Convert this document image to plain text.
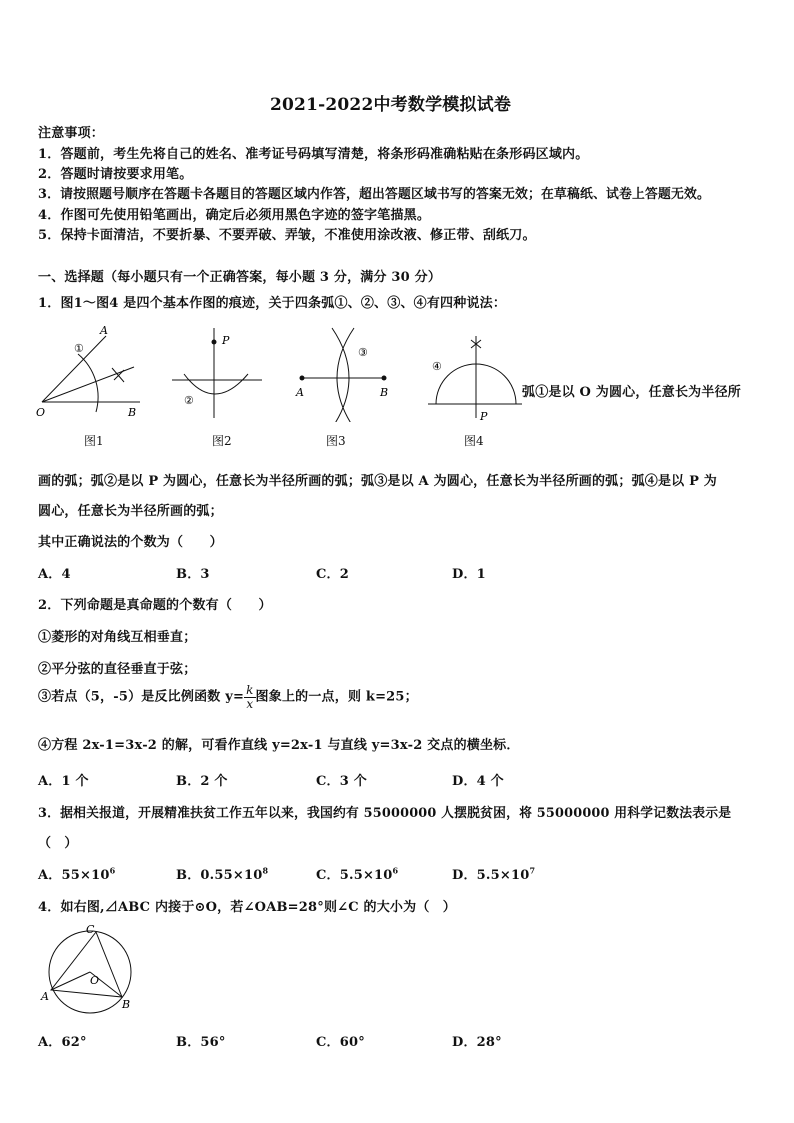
2021-2022中考数学模拟试卷
注意事项：
1．答题前，考生先将自己的姓名、准考证号码填写清楚，将条形码准确粘贴在条形码区域内。
2．答题时请按要求用笔。
3．请按照题号顺序在答题卡各题目的答题区域内作答，超出答题区域书写的答案无效；在草稿纸、试卷上答题无效。
4．作图可先使用铅笔画出，确定后必须用黑色字迹的签字笔描黑。
5．保持卡面清洁，不要折暴、不要弄破、弄皱，不准使用涂改液、修正带、刮纸刀。
一、选择题（每小题只有一个正确答案，每小题 3 分，满分 30 分）
1．图1～图4 是四个基本作图的痕迹，关于四条弧①、②、③、④有四种说法：
A
①
O	B
图1
P
②
图2
③
A	B
图3
④
P
图4
弧①是以 O 为圆心，任意长为半径所
画的弧；弧②是以 P 为圆心，任意长为半径所画的弧；弧③是以 A 为圆心，任意长为半径所画的弧；弧④是以 P 为
圆心，任意长为半径所画的弧；
其中正确说法的个数为（　　）
A．4	B．3	C．2	D．1
2．下列命题是真命题的个数有（　　）
①菱形的对角线互相垂直；
②平分弦的直径垂直于弦；
③若点（5，-5）是反比例函数 $y= \frac{k}{x}$ 图象上的一点，则 k=25；
④方程 2x-1=3x-2 的解，可看作直线 y=2x-1 与直线 y=3x-2 交点的横坐标．
A．1 个	B．2 个	C．3 个	D．4 个
3．据相关报道，开展精准扶贫工作五年以来，我国约有 55000000 人摆脱贫困，将 55000000 用科学记数法表示是
（　）
A．$55\times 10^6$	B．$0.55\times 10^8$	C．$5.5\times 10^6$	D．$5.5\times 10^7$
4．如右图,⊿ABC 内接于⊙O，若∠OAB=28°则∠C 的大小为（　）
C
O
A
B
A．62°	B．56°	C．60°	D．28°
